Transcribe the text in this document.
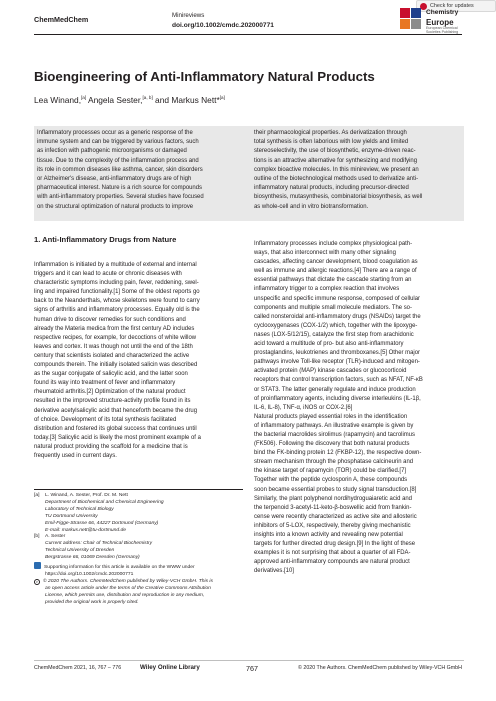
ChemMedChem	Minireviews
doi.org/10.1002/cmdc.202000771
Check for updates
Chemistry
Europe
European Chemical Societies Publishing
Bioengineering of Anti-Inflammatory Natural Products
Lea Winand,[a] Angela Sester,[a, b] and Markus Nett*[a]
Inflammatory processes occur as a generic response of the
immune system and can be triggered by various factors, such
as infection with pathogenic microorganisms or damaged
tissue. Due to the complexity of the inflammation process and
its role in common diseases like asthma, cancer, skin disorders
or Alzheimer's disease, anti-inflammatory drugs are of high
pharmaceutical interest. Nature is a rich source for compounds
with anti-inflammatory properties. Several studies have focused
on the structural optimization of natural products to improve
their pharmacological properties. As derivatization through
total synthesis is often laborious with low yields and limited
stereoselectivity, the use of biosynthetic, enzyme-driven reac-
tions is an attractive alternative for synthesizing and modifying
complex bioactive molecules. In this minireview, we present an
outline of the biotechnological methods used to derivatize anti-
inflammatory natural products, including precursor-directed
biosynthesis, mutasynthesis, combinatorial biosynthesis, as well
as whole-cell and in vitro biotransformation.
1. Anti-Inflammatory Drugs from Nature
Inflammation is initiated by a multitude of external and internal
triggers and it can lead to acute or chronic diseases with
characteristic symptoms including pain, fever, reddening, swel-
ling and impaired functionality.[1] Some of the oldest reports go
back to the Neanderthals, whose skeletons were found to carry
signs of arthritis and inflammatory processes. Equally old is the
human drive to discover remedies for such conditions and
already the Materia medica from the first century AD includes
respective recipes, for example, for decoctions of white willow
leaves and cortex. It was though not until the end of the 18th
century that scientists isolated and characterized the active
compounds therein. The initially isolated salicin was described
as the sugar conjugate of salicylic acid, and the latter soon
found its way into treatment of fever and inflammatory
rheumatoid arthritis.[2] Optimization of the natural product
resulted in the improved structure-activity profile found in its
derivative acetylsalicylic acid that henceforth became the drug
of choice. Development of its total synthesis facilitated
distribution and fostered its global success that continues until
today.[3] Salicylic acid is likely the most prominent example of a
natural product providing the scaffold for a medicine that is
frequently used in current days.
Inflammatory processes include complex physiological path-
ways, that also interconnect with many other signaling
cascades, affecting cancer development, blood coagulation as
well as immune and allergic reactions.[4] There are a range of
essential pathways that dictate the cascade starting from an
inflammatory trigger to a complex reaction that involves
unspecific and specific immune response, composed of cellular
components and multiple small molecule mediators. The so-
called nonsteroidal anti-inflammatory drugs (NSAIDs) target the
cyclooxygenases (COX-1/2) which, together with the lipoxyge-
nases (LOX-5/12/15), catalyze the first step from arachidonic
acid toward a multitude of pro- but also anti-inflammatory
prostaglandins, leukotrienes and thromboxanes.[5] Other major
pathways involve Toll-like receptor (TLR)-induced and mitogen-
activated protein (MAP) kinase cascades or glucocorticoid
receptors that control transcription factors, such as NFAT, NF-κB
or STAT3. The latter generally regulate and induce production
of proinflammatory agents, including diverse interleukins (IL-1β,
IL-6, IL-8), TNF-α, iNOS or COX-2.[6]
Natural products played essential roles in the identification
of inflammatory pathways. An illustrative example is given by
the bacterial macrolides sirolimus (rapamycin) and tacrolimus
(FK506). Following the discovery that both natural products
bind the FK-binding protein 12 (FKBP-12), the respective down-
stream mechanism through the phosphatase calcineurin and
the kinase target of rapamycin (TOR) could be clarified.[7]
Together with the peptide cyclosporin A, these compounds
soon became essential probes to study signal transduction.[8]
Similarly, the plant polyphenol nordihydroguaiaretic acid and
the terpenoid 3-acetyl-11-keto-β-boswellic acid from frankin-
cense were recently characterized as active site and allosteric
inhibitors of 5-LOX, respectively, thereby giving mechanistic
insights into a known activity and revealing new potential
targets for further directed drug design.[9] In the light of these
examples it is not surprising that about a quarter of all FDA-
approved anti-inflammatory compounds are natural product
derivatives.[10]
[a] L. Winand, A. Sester, Prof. Dr. M. Nett
Department of Biochemical and Chemical Engineering
Laboratory of Technical Biology
TU Dortmund University
Emil-Figge-Strasse 66, 44227 Dortmund (Germany)
E-mail: markus.nett@tu-dortmund.de
[b] A. Sester
Current address: Chair of Technical Biochemistry
Technical University of Dresden
Bergstrasse 66, 01069 Dresden (Germany)
Supporting information for this article is available on the WWW under
https://doi.org/10.1002/cmdc.202000771
c © 2020 The Authors. ChemMedChem published by Wiley-VCH GmbH. This is
an open access article under the terms of the Creative Commons Attribution
License, which permits use, distribution and reproduction in any medium,
provided the original work is properly cited.
ChemMedChem 2021, 16, 767 – 776	Wiley Online Library	767	© 2020 The Authors. ChemMedChem published by Wiley-VCH GmbH
